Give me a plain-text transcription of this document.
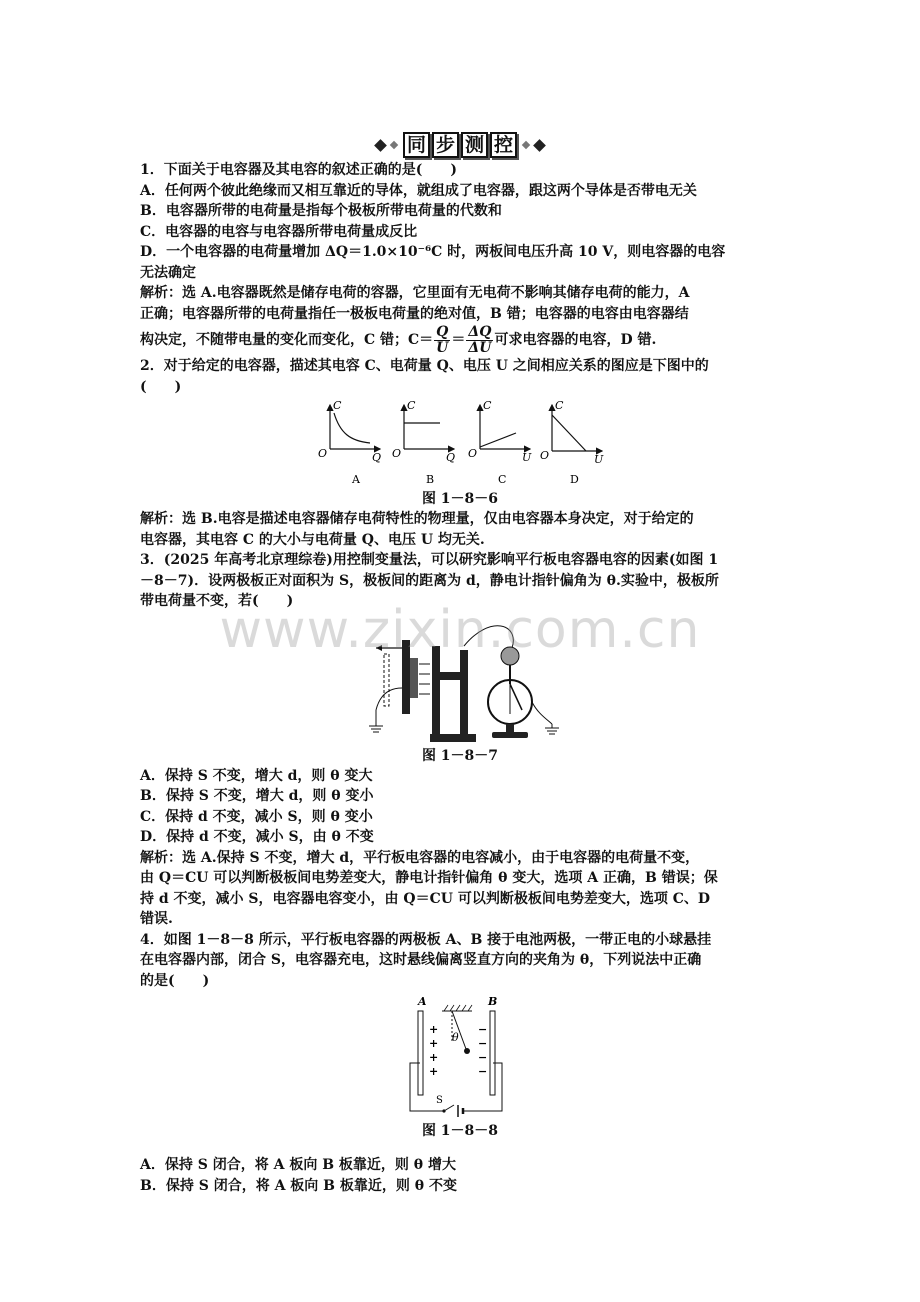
同 步 测 控
1．下面关于电容器及其电容的叙述正确的是(　　)
A．任何两个彼此绝缘而又相互靠近的导体，就组成了电容器，跟这两个导体是否带电无关
B．电容器所带的电荷量是指每个极板所带电荷量的代数和
C．电容器的电容与电容器所带电荷量成反比
D．一个电容器的电荷量增加 ΔQ＝1.0×10⁻⁶C 时，两板间电压升高 10 V，则电容器的电容
无法确定
解析：选 A.电容器既然是储存电荷的容器，它里面有无电荷不影响其储存电荷的能力，A
正确；电容器所带的电荷量指任一极板电荷量的绝对值，B 错；电容器的电容由电容器结
构决定，不随带电量的变化而变化，C 错；$C= \frac{Q}{U} = \frac{\Delta Q}{\Delta U}$ 可求电容器的电容，D 错.
2．对于给定的电容器，描述其电容 C、电荷量 Q、电压 U 之间相应关系的图应是下图中的
(　　)
C
Q
O
A
C
Q
O
B
C
U
O
C
C
U
O
D
图 1－8－6
解析：选 B.电容是描述电容器储存电荷特性的物理量，仅由电容器本身决定，对于给定的
电容器，其电容 C 的大小与电荷量 Q、电压 U 均无关.
3．(2025 年高考北京理综卷)用控制变量法，可以研究影响平行板电容器电容的因素(如图 1
－8－7)．设两极板正对面积为 S，极板间的距离为 d，静电计指针偏角为 θ.实验中，极板所
带电荷量不变，若(　　)
图 1－8－7
A．保持 S 不变，增大 d，则 θ 变大
B．保持 S 不变，增大 d，则 θ 变小
C．保持 d 不变，减小 S，则 θ 变小
D．保持 d 不变，减小 S，由 θ 不变
解析：选 A.保持 S 不变，增大 d，平行板电容器的电容减小，由于电容器的电荷量不变，
由 Q＝CU 可以判断极板间电势差变大，静电计指针偏角 θ 变大，选项 A 正确，B 错误；保
持 d 不变，减小 S，电容器电容变小，由 Q＝CU 可以判断极板间电势差变大，选项 C、D
错误.
4．如图 1－8－8 所示，平行板电容器的两极板 A、B 接于电池两极，一带正电的小球悬挂
在电容器内部，闭合 S，电容器充电，这时悬线偏离竖直方向的夹角为 θ，下列说法中正确
的是(　　)
A	B
θ
+
+
+
+
−
−
−
−
S
图 1－8－8
A．保持 S 闭合，将 A 板向 B 板靠近，则 θ 增大
B．保持 S 闭合，将 A 板向 B 板靠近，则 θ 不变
www.zixin.com.cn
